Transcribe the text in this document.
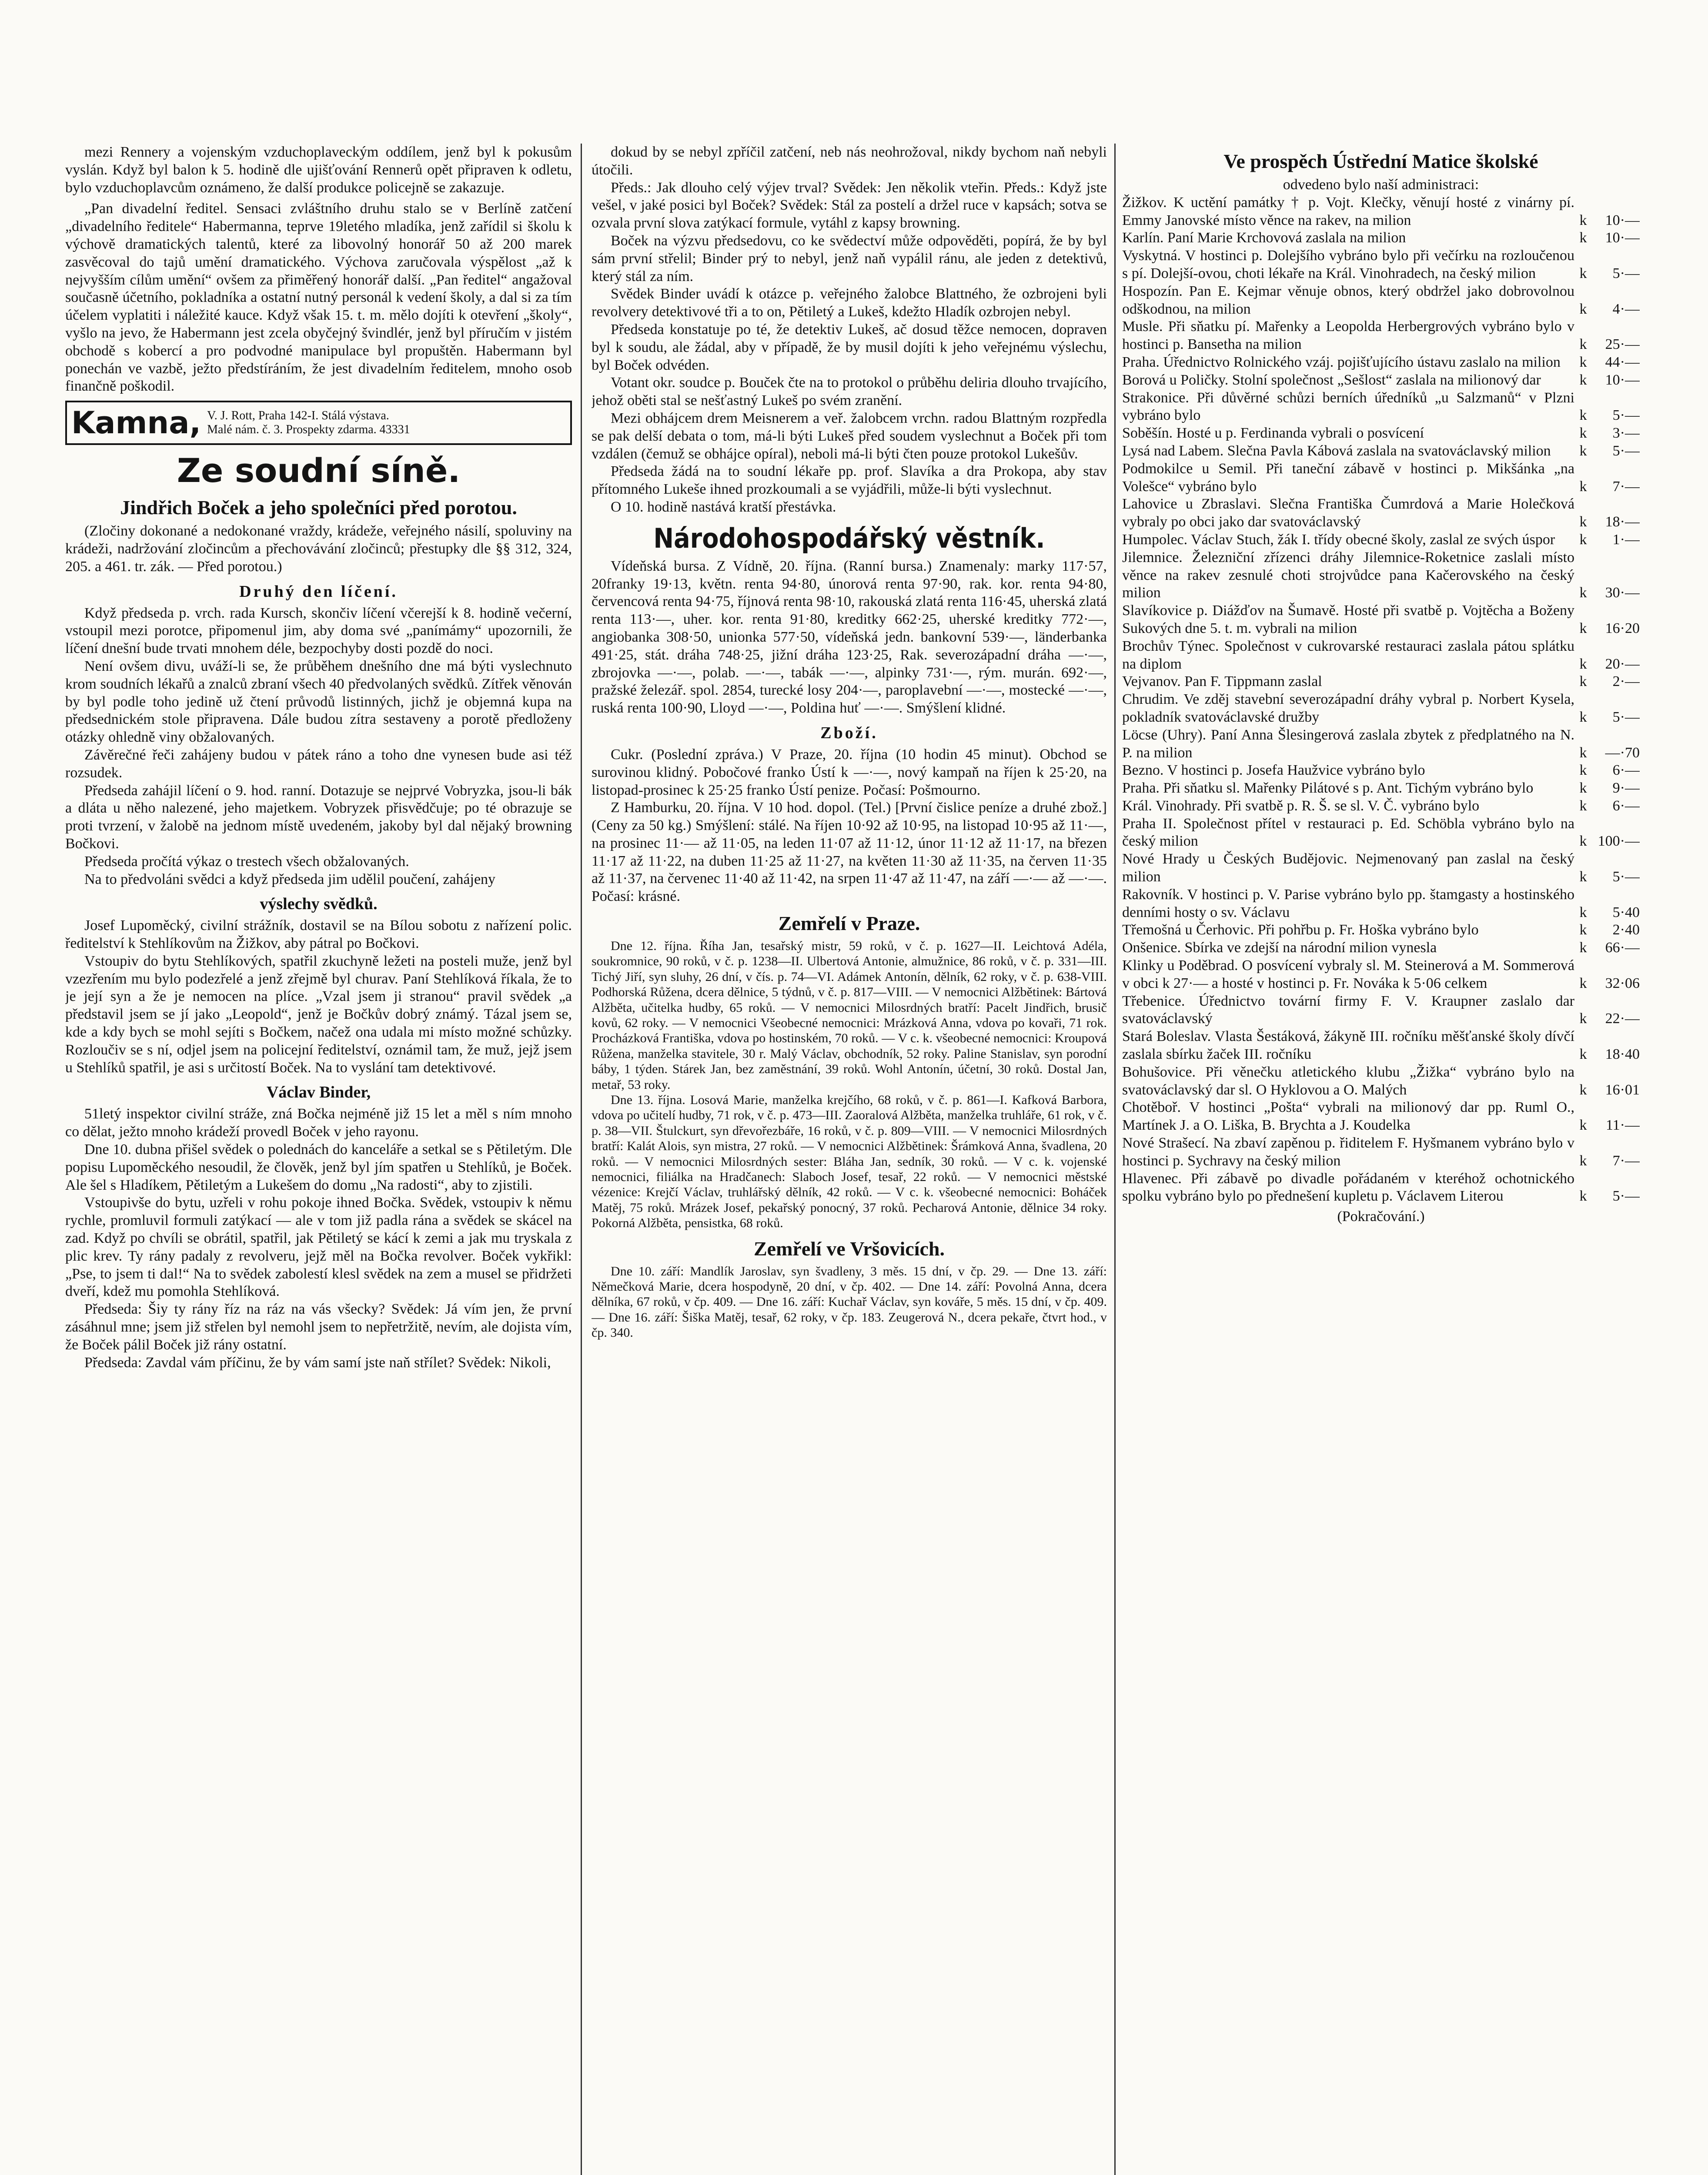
mezi Rennery a vojenským vzduchoplaveckým oddílem, jenž byl k pokusům vyslán. Když byl balon k 5. hodině dle ujišťování Rennerů opět připraven k odletu, bylo vzduchoplavcům oznámeno, že další produkce policejně se zakazuje.

„Pan divadelní ředitel. Sensaci zvláštního druhu stalo se v Berlíně zatčení „divadelního ředitele“ Habermanna, teprve 19letého mladíka, jenž zařídil si školu k výchově dramatických talentů, které za libovolný honorář 50 až 200 marek zasvěcoval do tajů umění dramatického. Výchova zaručovala výspělost „až k nejvyšším cílům umění“ ovšem za přiměřený honorář další. „Pan ředitel“ angažoval současně účetního, pokladníka a ostatní nutný personál k vedení školy, a dal si za tím účelem vyplatiti i náležité kauce. Když však 15. t. m. mělo dojíti k otevření „školy“, vyšlo na jevo, že Habermann jest zcela obyčejný švindlér, jenž byl příručím v jistém obchodě s kobercí a pro podvodné manipulace byl propuštěn. Habermann byl ponechán ve vazbě, ježto předstíráním, že jest divadelním ředitelem, mnoho osob finančně poškodil.

Kamna, V. J. Rott, Praha 142-I. Stálá výstava.
Malé nám. č. 3. Prospekty zdarma. 43331
Ze soudní síně.
Jindřich Boček a jeho společníci před porotou.

(Zločiny dokonané a nedokonané vraždy, krádeže, veřejného násilí, spoluviny na krádeži, nadržování zločincům a přechovávání zločinců; přestupky dle §§ 312, 324, 205. a 461. tr. zák. — Před porotou.)

Druhý den líčení.

Když předseda p. vrch. rada Kursch, skončiv líčení včerejší k 8. hodině večerní, vstoupil mezi porotce, připomenul jim, aby doma své „panímámy“ upozornili, že líčení dnešní bude trvati mnohem déle, bezpochyby dosti pozdě do noci.

Není ovšem divu, uváží-li se, že průběhem dnešního dne má býti vyslechnuto krom soudních lékařů a znalců zbraní všech 40 předvolaných svědků. Zítřek věnován by byl podle toho jedině už čtení průvodů listinných, jichž je objemná kupa na předsednickém stole připravena. Dále budou zítra sestaveny a porotě předloženy otázky ohledně viny obžalovaných.

Závěrečné řeči zahájeny budou v pátek ráno a toho dne vynesen bude asi též rozsudek.

Předseda zahájil líčení o 9. hod. ranní. Dotazuje se nejprvé Vobryzka, jsou-li bák a dláta u něho nalezené, jeho majetkem. Vobryzek přisvědčuje; po té obrazuje se proti tvrzení, v žalobě na jednom místě uvedeném, jakoby byl dal nějaký browning Bočkovi.

Předseda pročítá výkaz o trestech všech obžalovaných.

Na to předvoláni svědci a když předseda jim udělil poučení, zahájeny

výslechy svědků.

Josef Lupoměcký, civilní strážník, dostavil se na Bílou sobotu z nařízení polic. ředitelství k Stehlíkovům na Žižkov, aby pátral po Bočkovi.

Vstoupiv do bytu Stehlíkových, spatřil zkuchyně ležeti na posteli muže, jenž byl vzezřením mu bylo podezřelé a jenž zřejmě byl churav. Paní Stehlíková říkala, že to je její syn a že je nemocen na plíce. „Vzal jsem ji stranou“ pravil svědek „a představil jsem se jí jako „Leopold“, jenž je Bočkův dobrý známý. Tázal jsem se, kde a kdy bych se mohl sejíti s Bočkem, načež ona udala mi místo možné schůzky. Rozloučiv se s ní, odjel jsem na policejní ředitelství, oznámil tam, že muž, jejž jsem u Stehlíků spatřil, je asi s určitostí Boček. Na to vyslání tam detektivové.

Václav Binder,

51letý inspektor civilní stráže, zná Bočka nejméně již 15 let a měl s ním mnoho co dělat, ježto mnoho krádeží provedl Boček v jeho rayonu.

Dne 10. dubna přišel svědek o polednách do kanceláře a setkal se s Pětiletým. Dle popisu Lupoměckého nesoudil, že člověk, jenž byl jím spatřen u Stehlíků, je Boček. Ale šel s Hladíkem, Pětiletým a Lukešem do domu „Na radosti“, aby to zjistili.

Vstoupivše do bytu, uzřeli v rohu pokoje ihned Bočka. Svědek, vstoupiv k němu rychle, promluvil formuli zatýkací — ale v tom již padla rána a svědek se skácel na zad. Když po chvíli se obrátil, spatřil, jak Pětiletý se kácí k zemi a jak mu tryskala z plic krev. Ty rány padaly z revolveru, jejž měl na Bočka revolver. Boček vykřikl: „Pse, to jsem ti dal!“ Na to svědek zabolestí klesl svědek na zem a musel se přidržeti dveří, kdež mu pomohla Stehlíková.

Předseda: Šiy ty rány říz na ráz na vás všecky? Svědek: Já vím jen, že první zásáhnul mne; jsem již střelen byl nemohl jsem to nepřetržitě, nevím, ale dojista vím, že Boček pálil Boček již rány ostatní.

Předseda: Zavdal vám příčinu, že by vám samí jste naň střílet? Svědek: Nikoli,

dokud by se nebyl zpříčil zatčení, neb nás neohrožoval, nikdy bychom naň nebyli útočili.

Předs.: Jak dlouho celý výjev trval? Svědek: Jen několik vteřin. Předs.: Když jste vešel, v jaké posici byl Boček? Svědek: Stál za postelí a držel ruce v kapsách; sotva se ozvala první slova zatýkací formule, vytáhl z kapsy browning.

Boček na výzvu předsedovu, co ke svědectví může odpověděti, popírá, že by byl sám první střelil; Binder prý to nebyl, jenž naň vypálil ránu, ale jeden z detektivů, který stál za ním.

Svědek Binder uvádí k otázce p. veřejného žalobce Blattného, že ozbrojeni byli revolvery detektivové tři a to on, Pětiletý a Lukeš, kdežto Hladík ozbrojen nebyl.

Předseda konstatuje po té, že detektiv Lukeš, ač dosud těžce nemocen, dopraven byl k soudu, ale žádal, aby v případě, že by musil dojíti k jeho veřejnému výslechu, byl Boček odvéden.

Votant okr. soudce p. Bouček čte na to protokol o průběhu deliria dlouho trvajícího, jehož oběti stal se nešťastný Lukeš po svém zranění.

Mezi obhájcem drem Meisnerem a veř. žalobcem vrchn. radou Blattným rozpředla se pak delší debata o tom, má-li býti Lukeš před soudem vyslechnut a Boček při tom vzdálen (čemuž se obhájce opíral), neboli má-li býti čten pouze protokol Lukešův.

Předseda žádá na to soudní lékaře pp. prof. Slavíka a dra Prokopa, aby stav přítomného Lukeše ihned prozkoumali a se vyjádřili, může-li býti vyslechnut.

O 10. hodině nastává kratší přestávka.

Národohospodářský věstník.

Vídeňská bursa. Z Vídně, 20. října. (Ranní bursa.) Znamenaly: marky 117·57, 20franky 19·13, květn. renta 94·80, únorová renta 97·90, rak. kor. renta 94·80, červencová renta 94·75, říjnová renta 98·10, rakouská zlatá renta 116·45, uherská zlatá renta 113·—, uher. kor. renta 91·80, kreditky 662·25, uherské kreditky 772·—, angiobanka 308·50, unionka 577·50, vídeňská jedn. bankovní 539·—, länderbanka 491·25, stát. dráha 748·25, jižní dráha 123·25, Rak. severozápadní dráha —·—, zbrojovka —·—, polab. —·—, tabák —·—, alpinky 731·—, rým. murán. 692·—, pražské železář. spol. 2854, turecké losy 204·—, paroplavební —·—, mostecké —·—, ruská renta 100·90, Lloyd —·—, Poldina huť —·—. Smýšlení klidné.

Zboží.

Cukr. (Poslední zpráva.) V Praze, 20. října (10 hodin 45 minut). Obchod se surovinou klidný. Pobočové franko Ústí k —·—, nový kampaň na říjen k 25·20, na listopad-prosinec k 25·25 franko Ústí penize. Počasí: Pošmourno.

Z Hamburku, 20. října. V 10 hod. dopol. (Tel.) [První čislice peníze a druhé zbož.] (Ceny za 50 kg.) Smýšlení: stálé. Na říjen 10·92 až 10·95, na listopad 10·95 až 11·—, na prosinec 11·— až 11·05, na leden 11·07 až 11·12, únor 11·12 až 11·17, na březen 11·17 až 11·22, na duben 11·25 až 11·27, na květen 11·30 až 11·35, na červen 11·35 až 11·37, na červenec 11·40 až 11·42, na srpen 11·47 až 11·47, na září —·— až —·—. Počasí: krásné.

Zemřelí v Praze.

Dne 12. října. Říha Jan, tesařský mistr, 59 roků, v č. p. 1627—II. Leichtová Adéla, soukromnice, 90 roků, v č. p. 1238—II. Ulbertová Antonie, almužnice, 86 roků, v č. p. 331—III. Tichý Jiří, syn sluhy, 26 dní, v čís. p. 74—VI. Adámek Antonín, dělník, 62 roky, v č. p. 638-VIII. Podhorská Růžena, dcera dělnice, 5 týdnů, v č. p. 817—VIII. — V nemocnici Alžbětinek: Bártová Alžběta, učitelka hudby, 65 roků. — V nemocnici Milosrdných bratří: Pacelt Jindřich, brusič kovů, 62 roky. — V nemocnici Všeobecné nemocnici: Mrázková Anna, vdova po kovaři, 71 rok. Procházková Františka, vdova po hostinském, 70 roků. — V c. k. všeobecné nemocnici: Kroupová Růžena, manželka stavitele, 30 r. Malý Václav, obchodník, 52 roky. Paline Stanislav, syn porodní báby, 1 týden. Stárek Jan, bez zaměstnání, 39 roků. Wohl Antonín, účetní, 30 roků. Dostal Jan, metař, 53 roky.

Dne 13. října. Losová Marie, manželka krejčího, 68 roků, v č. p. 861—I. Kafková Barbora, vdova po učitelí hudby, 71 rok, v č. p. 473—III. Zaoralová Alžběta, manželka truhláře, 61 rok, v č. p. 38—VII. Štulckurt, syn dřevořezbáře, 16 roků, v č. p. 809—VIII. — V nemocnici Milosrdných bratří: Kalát Alois, syn mistra, 27 roků. — V nemocnici Alžbětinek: Šrámková Anna, švadlena, 20 roků. — V nemocnici Milosrdných sester: Bláha Jan, sedník, 30 roků. — V c. k. vojenské nemocnici, filiálka na Hradčanech: Slaboch Josef, tesař, 22 roků. — V nemocnici městské vézenice: Krejčí Václav, truhlářský dělník, 42 roků. — V c. k. všeobecné nemocnici: Boháček Matěj, 75 roků. Mrázek Josef, pekařský ponocný, 37 roků. Pecharová Antonie, dělnice 34 roky. Pokorná Alžběta, pensistka, 68 roků.

Zemřelí ve Vršovicích.

Dne 10. září: Mandlík Jaroslav, syn švadleny, 3 měs. 15 dní, v čp. 29. — Dne 13. září: Němečková Marie, dcera hospodyně, 20 dní, v čp. 402. — Dne 14. září: Povolná Anna, dcera dělníka, 67 roků, v čp. 409. — Dne 16. září: Kuchař Václav, syn kováře, 5 měs. 15 dní, v čp. 409. — Dne 16. září: Šiška Matěj, tesař, 62 roky, v čp. 183. Zeugerová N., dcera pekaře, čtvrt hod., v čp. 340.

Ve prospěch Ústřední Matice školské

odvedeno bylo naší administraci:

Žižkov. K uctění památky † p. Vojt. Klečky, věnují hosté z vinárny pí. Emmy Janovské místo věnce na rakev, na milion	k	10·—
Karlín. Paní Marie Krchovová zaslala na milion	k	10·—
Vyskytná. V hostinci p. Dolejšího vybráno bylo při večírku na rozloučenou s pí. Dolejší-ovou, choti lékaře na Král. Vinohradech, na český milion	k	5·—
Hospozín. Pan E. Kejmar věnuje obnos, který obdržel jako dobrovolnou odškodnou, na milion	k	4·—
Musle. Při sňatku pí. Mařenky a Leopolda Herbergrových vybráno bylo v hostinci p. Bansetha na milion	k	25·—
Praha. Úřednictvo Rolnického vzáj. pojišťujícího ústavu zaslalo na milion	k	44·—
Borová u Poličky. Stolní společnost „Sešlost“ zaslala na milionový dar	k	10·—
Strakonice. Při důvěrné schůzi berních úředníků „u Salzmanů“ v Plzni vybráno bylo	k	5·—
Soběšín. Hosté u p. Ferdinanda vybrali o posvícení	k	3·—
Lysá nad Labem. Slečna Pavla Kábová zaslala na svatováclavský milion	k	5·—
Podmokilce u Semil. Při taneční zábavě v hostinci p. Mikšánka „na Volešce“ vybráno bylo	k	7·—
Lahovice u Zbraslavi. Slečna Františka Čumrdová a Marie Holečková vybraly po obci jako dar svatováclavský	k	18·—
Humpolec. Václav Stuch, žák I. třídy obecné školy, zaslal ze svých úspor	k	1·—
Jilemnice. Železniční zřízenci dráhy Jilemnice-Roketnice zaslali místo věnce na rakev zesnulé choti strojvůdce pana Kačerovského na český milion	k	30·—
Slavíkovice p. Diážďov na Šumavě. Hosté při svatbě p. Vojtěcha a Boženy Sukových dne 5. t. m. vybrali na milion	k	16·20
Brochův Týnec. Společnost v cukrovarské restauraci zaslala pátou splátku na diplom	k	20·—
Vejvanov. Pan F. Tippmann zaslal	k	2·—
Chrudim. Ve zděj stavební severozápadní dráhy vybral p. Norbert Kysela, pokladník svatováclavské družby	k	5·—
Löcse (Uhry). Paní Anna Šlesingerová zaslala zbytek z předplatného na N. P. na milion	k	—·70
Bezno. V hostinci p. Josefa Haužvice vybráno bylo	k	6·—
Praha. Při sňatku sl. Mařenky Pilátové s p. Ant. Tichým vybráno bylo	k	9·—
Král. Vinohrady. Při svatbě p. R. Š. se sl. V. Č. vybráno bylo	k	6·—
Praha II. Společnost přítel v restauraci p. Ed. Schöbla vybráno bylo na český milion	k 100·—
Nové Hrady u Českých Budějovic. Nejmenovaný pan zaslal na český milion	k	5·—
Rakovník. V hostinci p. V. Parise vybráno bylo pp. štamgasty a hostinského denními hosty o sv. Václavu	k	5·40
Třemošná u Čerhovic. Při pohřbu p. Fr. Hoška vybráno bylo	k	2·40
Onšenice. Sbírka ve zdejší na národní milion vynesla	k	66·—
Klinky u Poděbrad. O posvícení vybraly sl. M. Steinerová a M. Sommerová v obci k 27·— a hosté v hostinci p. Fr. Nováka k 5·06 celkem	k	32·06
Třebenice. Úřednictvo tovární firmy F. V. Kraupner zaslalo dar svatováclavský	k	22·—
Stará Boleslav. Vlasta Šestáková, žákyně III. ročníku měšťanské školy dívčí zaslala sbírku žaček III. ročníku	k	18·40
Bohušovice. Při věnečku atletického klubu „Žižka“ vybráno bylo na svatováclavský dar sl. O Hyklovou a O. Malých	k	16·01
Chotěboř. V hostinci „Pošta“ vybrali na milionový dar pp. Ruml O., Martínek J. a O. Liška, B. Brychta a J. Koudelka	k	11·—
Nové Strašecí. Na zbaví zapěnou p. řiditelem F. Hyšmanem vybráno bylo v hostinci p. Sychravy na český milion	k	7·—
Hlavenec. Při zábavě po divadle pořádaném v kteréhož ochotnického spolku vybráno bylo po přednešení kupletu p. Václavem Literou	k	5·—

(Pokračování.)
